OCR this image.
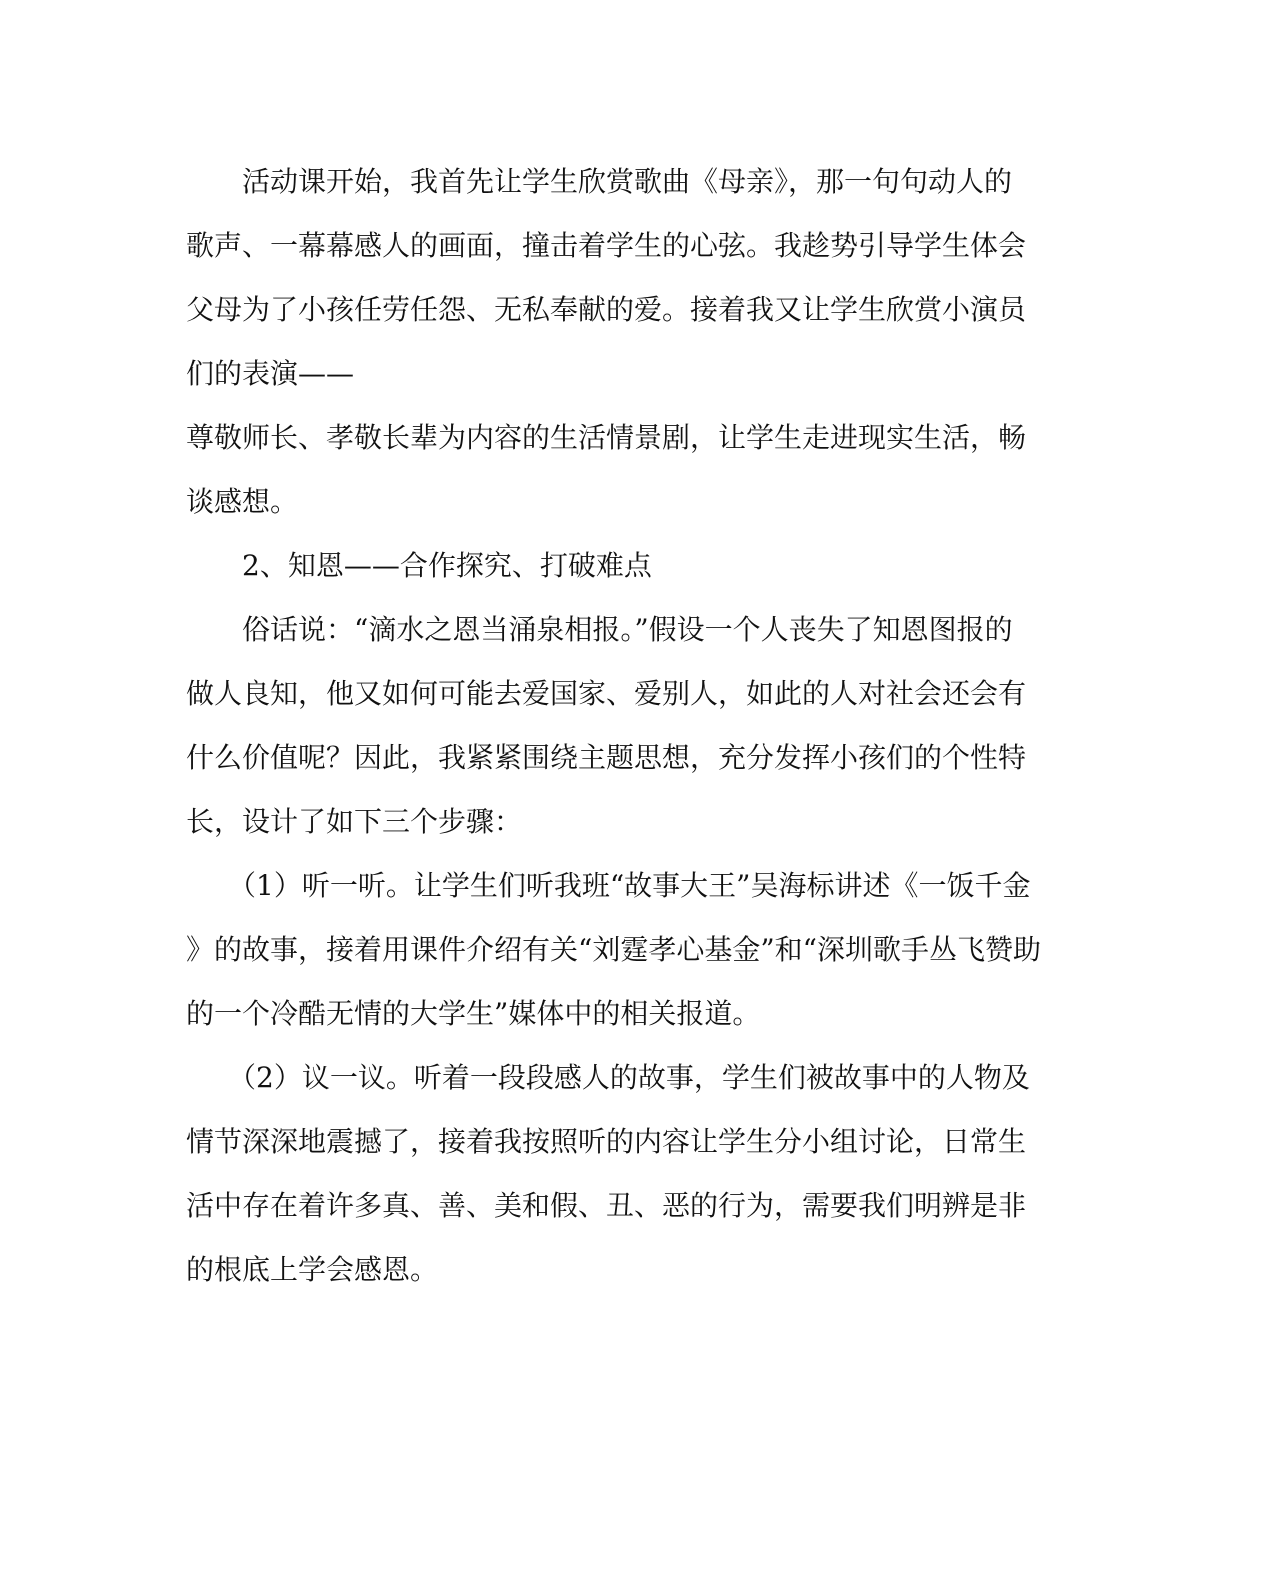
　　活动课开始，我首先让学生欣赏歌曲《母亲》，那一句句动人的
歌声、一幕幕感人的画面，撞击着学生的心弦。我趁势引导学生体会
父母为了小孩任劳任怨、无私奉献的爱。接着我又让学生欣赏小演员
们的表演——
尊敬师长、孝敬长辈为内容的生活情景剧，让学生走进现实生活，畅
谈感想。
　　2、知恩——合作探究、打破难点
　　俗话说：“滴水之恩当涌泉相报。”假设一个人丧失了知恩图报的
做人良知，他又如何可能去爱国家、爱别人，如此的人对社会还会有
什么价值呢？因此，我紧紧围绕主题思想，充分发挥小孩们的个性特
长，设计了如下三个步骤：
　　（1）听一听。让学生们听我班“故事大王”吴海标讲述《一饭千金
》的故事，接着用课件介绍有关“刘霆孝心基金”和“深圳歌手丛飞赞助
的一个冷酷无情的大学生”媒体中的相关报道。
　　（2）议一议。听着一段段感人的故事，学生们被故事中的人物及
情节深深地震撼了，接着我按照听的内容让学生分小组讨论，日常生
活中存在着许多真、善、美和假、丑、恶的行为，需要我们明辨是非
的根底上学会感恩。
